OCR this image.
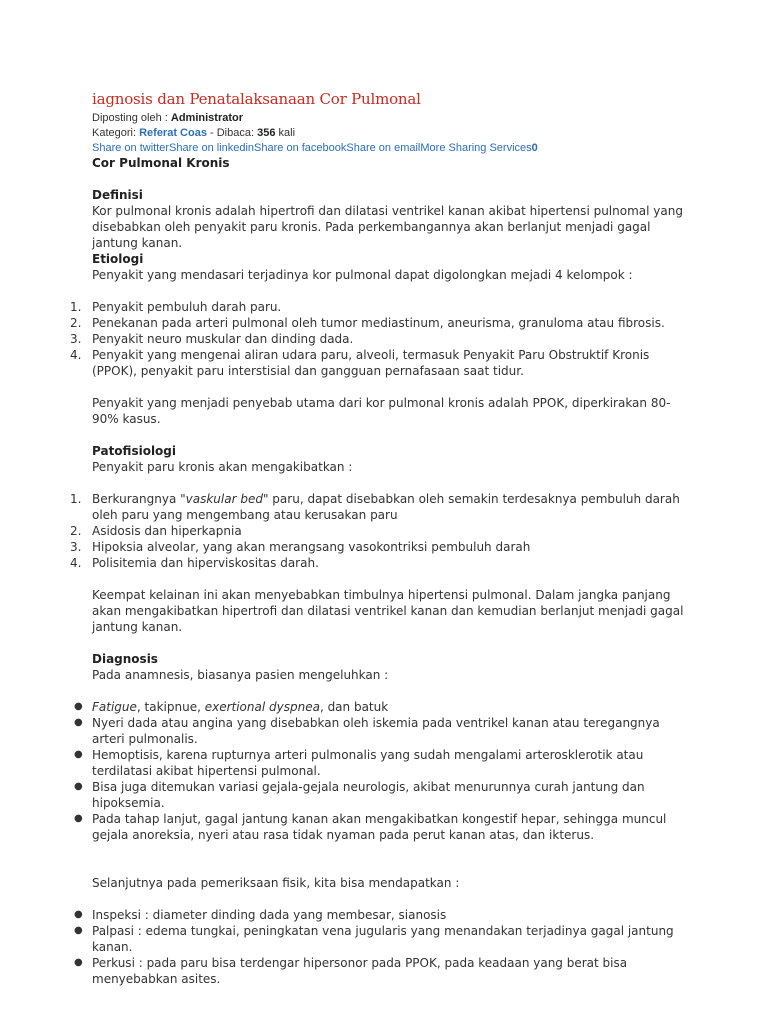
iagnosis dan Penatalaksanaan Cor Pulmonal
Diposting oleh : Administrator
Kategori: Referat Coas - Dibaca: 356 kali
Share on twitterShare on linkedinShare on facebookShare on emailMore Sharing Services0
Cor Pulmonal Kronis
Definisi

Kor pulmonal kronis adalah hipertrofi dan dilatasi ventrikel kanan akibat hipertensi pulnomal yang disebabkan oleh penyakit paru kronis. Pada perkembangannya akan berlanjut menjadi gagal jantung kanan.

Etiologi

Penyakit yang mendasari terjadinya kor pulmonal dapat digolongkan mejadi 4 kelompok :

1. Penyakit pembuluh darah paru.
2. Penekanan pada arteri pulmonal oleh tumor mediastinum, aneurisma, granuloma atau fibrosis.
3. Penyakit neuro muskular dan dinding dada.
4. Penyakit yang mengenai aliran udara paru, alveoli, termasuk Penyakit Paru Obstruktif Kronis (PPOK), penyakit paru interstisial dan gangguan pernafasaan saat tidur.

Penyakit yang menjadi penyebab utama dari kor pulmonal kronis adalah PPOK, diperkirakan 80-90% kasus.

Patofisiologi

Penyakit paru kronis akan mengakibatkan :

1. Berkurangnya "vaskular bed" paru, dapat disebabkan oleh semakin terdesaknya pembuluh darah oleh paru yang mengembang atau kerusakan paru
2. Asidosis dan hiperkapnia
3. Hipoksia alveolar, yang akan merangsang vasokontriksi pembuluh darah
4. Polisitemia dan hiperviskositas darah.

Keempat kelainan ini akan menyebabkan timbulnya hipertensi pulmonal. Dalam jangka panjang akan mengakibatkan hipertrofi dan dilatasi ventrikel kanan dan kemudian berlanjut menjadi gagal jantung kanan.

Diagnosis

Pada anamnesis, biasanya pasien mengeluhkan :

● Fatigue, takipnue, exertional dyspnea, dan batuk
● Nyeri dada atau angina yang disebabkan oleh iskemia pada ventrikel kanan atau teregangnya arteri pulmonalis.
● Hemoptisis, karena rupturnya arteri pulmonalis yang sudah mengalami arterosklerotik atau terdilatasi akibat hipertensi pulmonal.
● Bisa juga ditemukan variasi gejala-gejala neurologis, akibat menurunnya curah jantung dan hipoksemia.
● Pada tahap lanjut, gagal jantung kanan akan mengakibatkan kongestif hepar, sehingga muncul gejala anoreksia, nyeri atau rasa tidak nyaman pada perut kanan atas, dan ikterus.

Selanjutnya pada pemeriksaan fisik, kita bisa mendapatkan :

● Inspeksi : diameter dinding dada yang membesar, sianosis
● Palpasi : edema tungkai, peningkatan vena jugularis yang menandakan terjadinya gagal jantung kanan.
● Perkusi : pada paru bisa terdengar hipersonor pada PPOK, pada keadaan yang berat bisa menyebabkan asites.
